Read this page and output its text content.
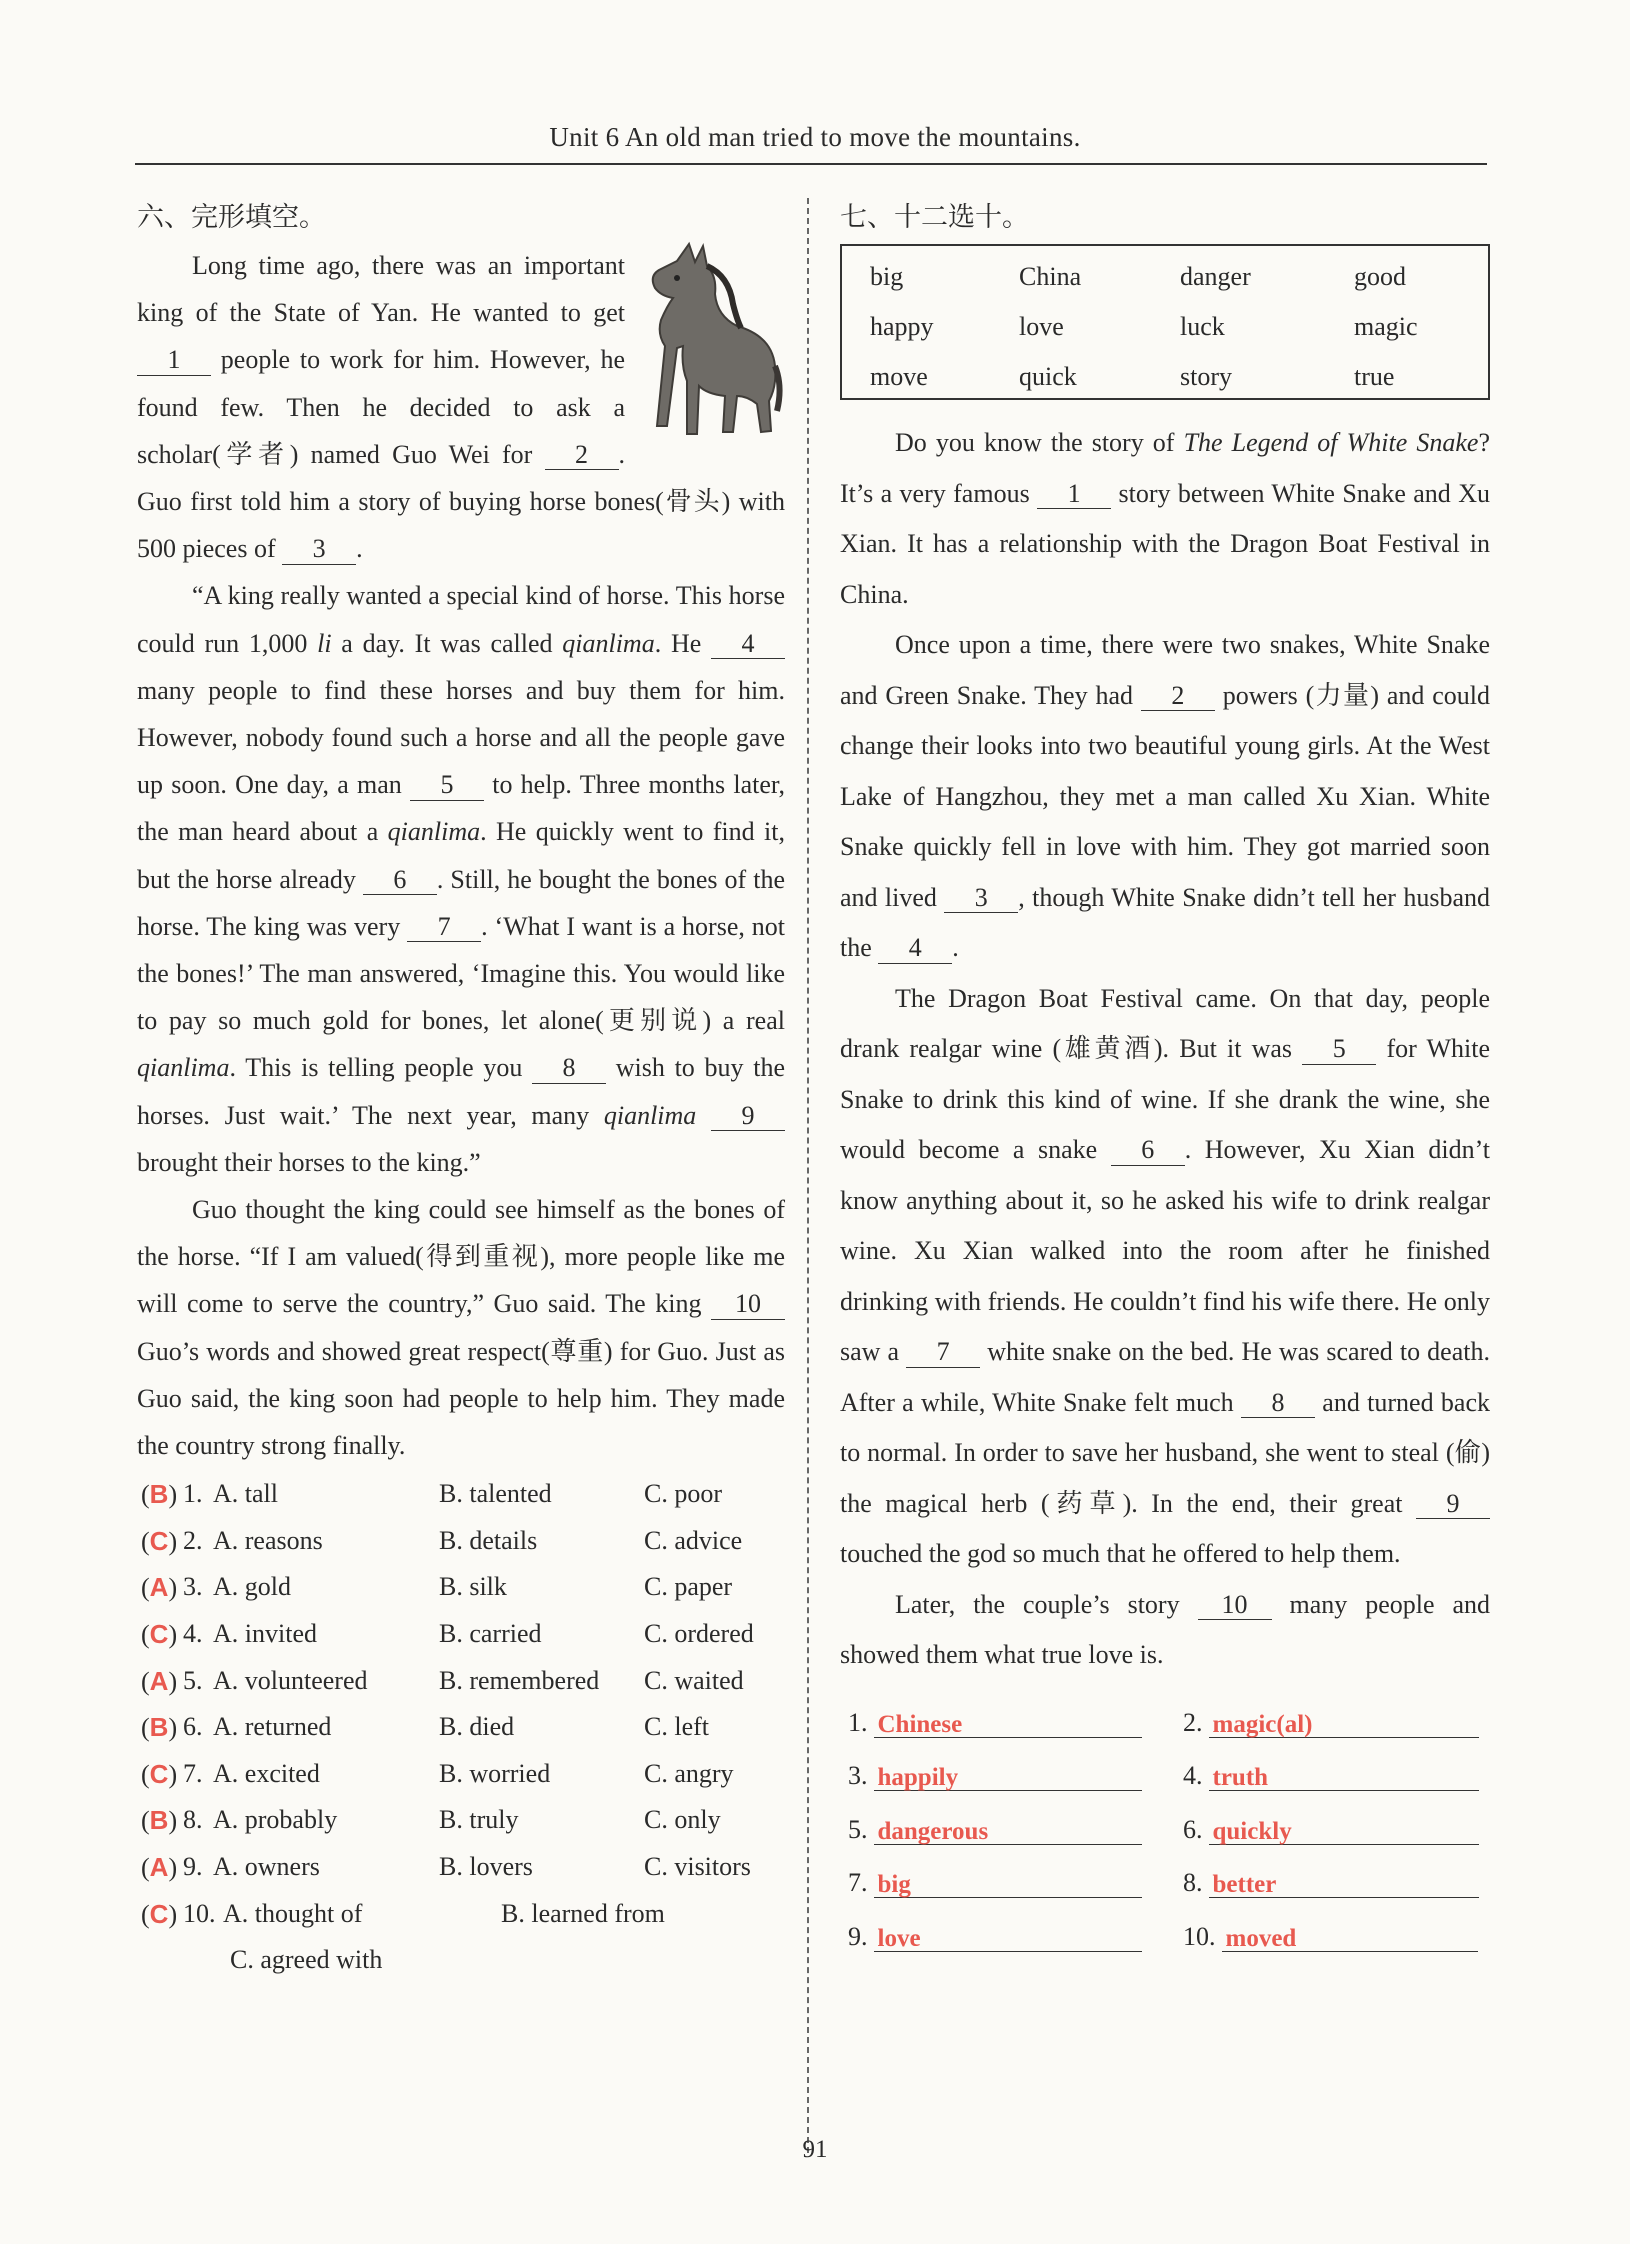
Unit 6 An old man tried to move the mountains.
六、完形填空。

Long time ago, there was an important king of the State of Yan. He wanted to get 1 people to work for him. However, he found few. Then he decided to ask a scholar(学者) named Guo Wei for 2 . Guo first told him a story of buying horse bones(骨头) with 500 pieces of 3 .

“A king really wanted a special kind of horse. This horse could run 1,000 li a day. It was called qianlima. He 4 many people to find these horses and buy them for him. However, nobody found such a horse and all the people gave up soon. One day, a man 5 to help. Three months later, the man heard about a qianlima. He quickly went to find it, but the horse already 6 . Still, he bought the bones of the horse. The king was very 7 . ‘What I want is a horse, not the bones!’ The man answered, ‘Imagine this. You would like to pay so much gold for bones, let alone(更别说) a real qianlima. This is telling people you 8 wish to buy the horses. Just wait.’ The next year, many qianlima 9 brought their horses to the king.”

Guo thought the king could see himself as the bones of the horse. “If I am valued(得到重视), more people like me will come to serve the country,” Guo said. The king 10 Guo’s words and showed great respect(尊重) for Guo. Just as Guo said, the king soon had people to help him. They made the country strong finally.

(B) 1. A. tall	B. talented	C. poor
(C) 2. A. reasons	B. details	C. advice
(A) 3. A. gold	B. silk	C. paper
(C) 4. A. invited	B. carried	C. ordered
(A) 5. A. volunteered	B. remembered C. waited
(B) 6. A. returned	B. died	C. left
(C) 7. A. excited	B. worried	C. angry
(B) 8. A. probably	B. truly	C. only
(A) 9. A. owners	B. lovers	C. visitors
(C) 10. A. thought of	B. learned from
C. agreed with
七、十二选十。
big	China	danger	good
happy	love	luck	magic
move	quick	story	true

Do you know the story of The Legend of White Snake? It’s a very famous 1 story between White Snake and Xu Xian. It has a relationship with the Dragon Boat Festival in China.

Once upon a time, there were two snakes, White Snake and Green Snake. They had 2 powers (力量) and could change their looks into two beautiful young girls. At the West Lake of Hangzhou, they met a man called Xu Xian. White Snake quickly fell in love with him. They got married soon and lived 3 , though White Snake didn’t tell her husband the 4 .

The Dragon Boat Festival came. On that day, people drank realgar wine (雄黄酒). But it was 5 for White Snake to drink this kind of wine. If she drank the wine, she would become a snake 6 . However, Xu Xian didn’t know anything about it, so he asked his wife to drink realgar wine. Xu Xian walked into the room after he finished drinking with friends. He couldn’t find his wife there. He only saw a 7 white snake on the bed. He was scared to death. After a while, White Snake felt much 8 and turned back to normal. In order to save her husband, she went to steal (偷) the magical herb (药草). In the end, their great 9 touched the god so much that he offered to help them.

Later, the couple’s story 10 many people and showed them what true love is.

1. Chinese	2. magic(al)
3. happily	4. truth
5. dangerous	6. quickly
7. big	8. better
9. love	10. moved
91
